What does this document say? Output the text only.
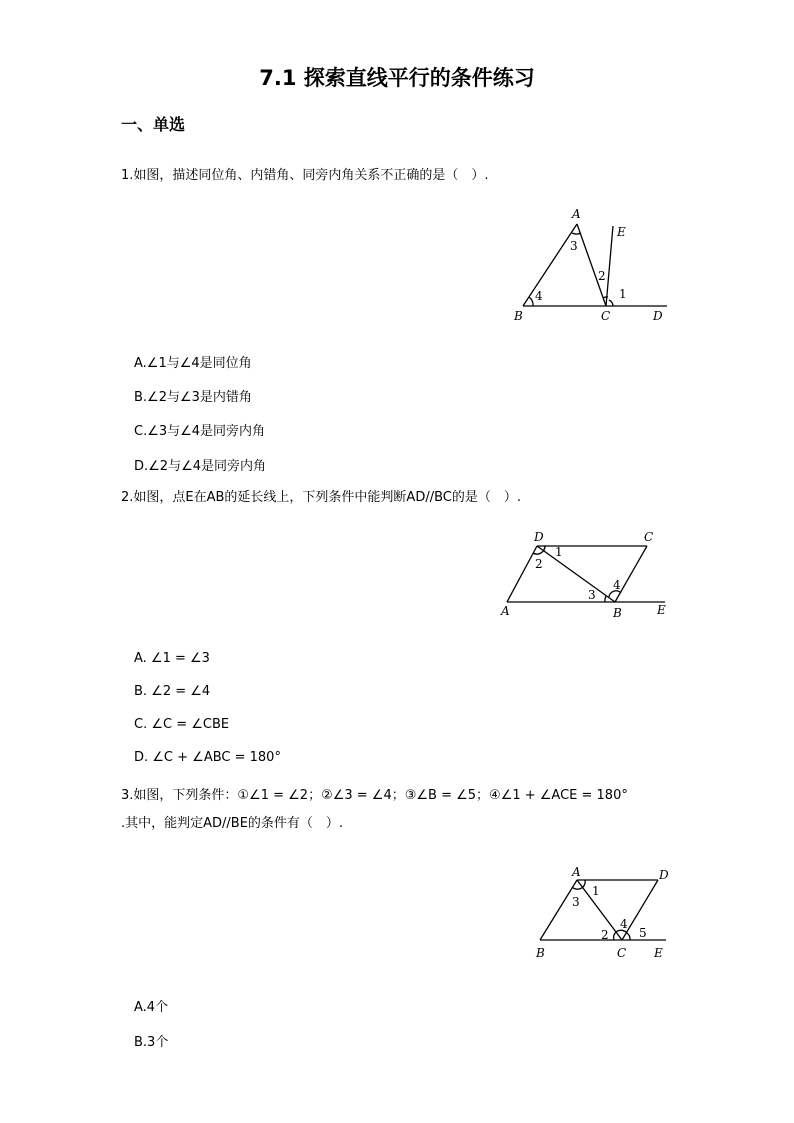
7.1 探索直线平行的条件练习
一、单选
1.如图，描述同位角、内错角、同旁内角关系不正确的是（　）.
A
E
3
2
1
4
B	C	D
A.∠1与∠4是同位角
B.∠2与∠3是内错角
C.∠3与∠4是同旁内角
D.∠2与∠4是同旁内角
2.如图，点E在AB的延长线上，下列条件中能判断AD//BC的是（　）.
D	C
1
2
4
3
A	B	E
A. ∠1 = ∠3
B. ∠2 = ∠4
C. ∠C = ∠CBE
D. ∠C + ∠ABC = 180°
3.如图，下列条件：①∠1 = ∠2；②∠3 = ∠4；③∠B = ∠5；④∠1 + ∠ACE = 180°
.其中，能判定AD//BE的条件有（　）.
A	D
1
3
4
2	5
B	C E
A.4个
B.3个
